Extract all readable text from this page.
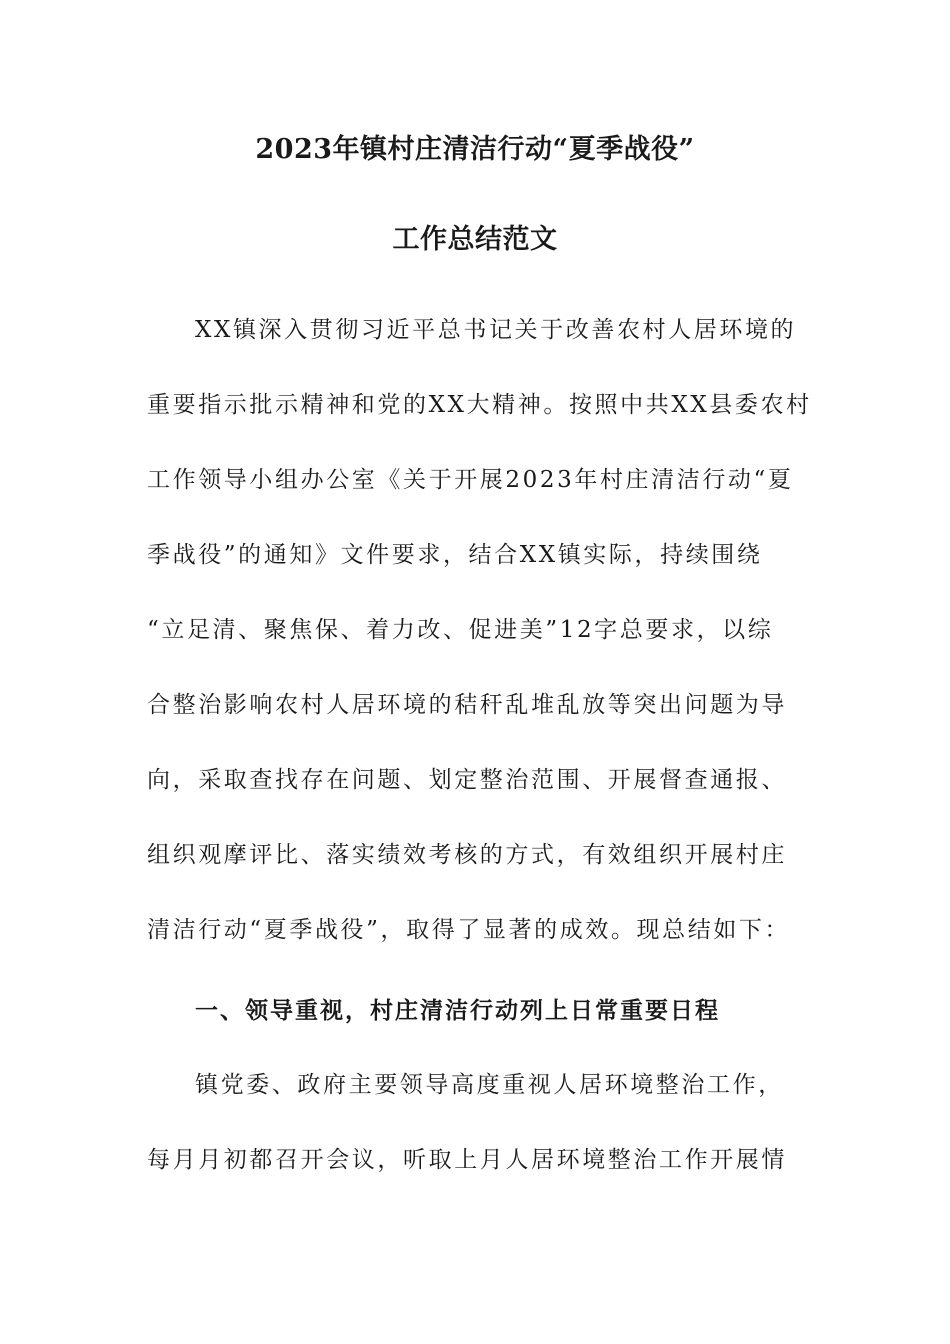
2023年镇村庄清洁行动“夏季战役”
工作总结范文
XX镇深入贯彻习近平总书记关于改善农村人居环境的
重要指示批示精神和党的XX大精神。按照中共XX县委农村
工作领导小组办公室《关于开展2023年村庄清洁行动“夏
季战役”的通知》文件要求，结合XX镇实际，持续围绕
“立足清、聚焦保、着力改、促进美”12字总要求，以综
合整治影响农村人居环境的秸秆乱堆乱放等突出问题为导
向，采取查找存在问题、划定整治范围、开展督查通报、
组织观摩评比、落实绩效考核的方式，有效组织开展村庄
清洁行动“夏季战役”，取得了显著的成效。现总结如下：
一、领导重视，村庄清洁行动列上日常重要日程
镇党委、政府主要领导高度重视人居环境整治工作，
每月月初都召开会议，听取上月人居环境整治工作开展情
